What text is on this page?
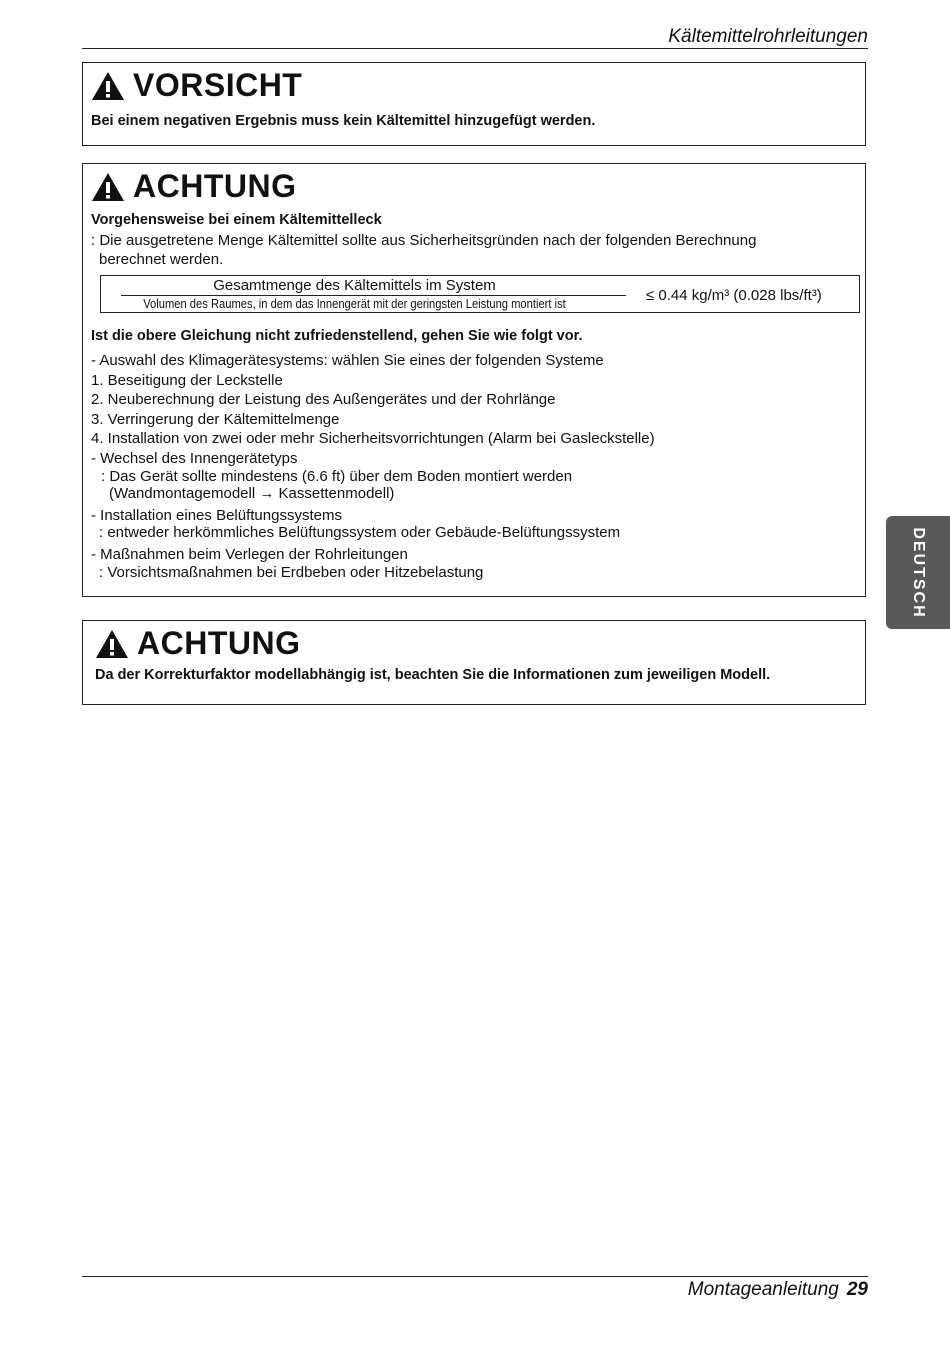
Kältemittelrohrleitungen
VORSICHT
Bei einem negativen Ergebnis muss kein Kältemittel hinzugefügt werden.
ACHTUNG
Vorgehensweise bei einem Kältemittelleck
: Die ausgetretene Menge Kältemittel sollte aus Sicherheitsgründen nach der folgenden Berechnung
berechnet werden.
Gesamtmenge des Kältemittels im System
Volumen des Raumes, in dem das Innengerät mit der geringsten Leistung montiert ist	≤ 0.44 kg/m³ (0.028 lbs/ft³)
Ist die obere Gleichung nicht zufriedenstellend, gehen Sie wie folgt vor.
- Auswahl des Klimagerätesystems: wählen Sie eines der folgenden Systeme
1. Beseitigung der Leckstelle
2. Neuberechnung der Leistung des Außengerätes und der Rohrlänge
3. Verringerung der Kältemittelmenge
4. Installation von zwei oder mehr Sicherheitsvorrichtungen (Alarm bei Gasleckstelle)
- Wechsel des Innengerätetyps
: Das Gerät sollte mindestens (6.6 ft) über dem Boden montiert werden
(Wandmontagemodell → Kassettenmodell)
- Installation eines Belüftungssystems
: entweder herkömmliches Belüftungssystem oder Gebäude-Belüftungssystem
- Maßnahmen beim Verlegen der Rohrleitungen
: Vorsichtsmaßnahmen bei Erdbeben oder Hitzebelastung
ACHTUNG
Da der Korrekturfaktor modellabhängig ist, beachten Sie die Informationen zum jeweiligen Modell.
DEUTSCH
Montageanleitung 29
